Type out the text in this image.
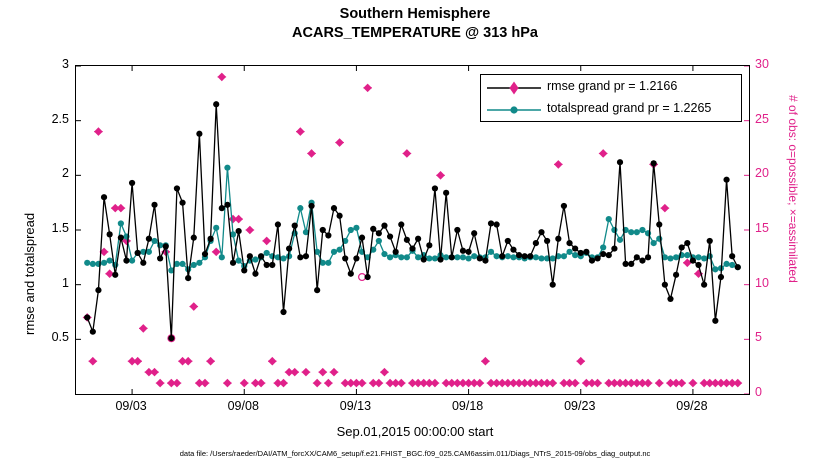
Southern Hemisphere
ACARS_TEMPERATURE @ 313 hPa
rmse and totalspread	# of obs: o=possible; ×=assimilated
0.5
1
1.5
2
2.5
3
0
5
10
15
20
25
30
09/03	09/08	09/13	09/18	09/23	09/28
Sep.01,2015 00:00:00 start
data file: /Users/raeder/DAI/ATM_forcXX/CAM6_setup/f.e21.FHIST_BGC.f09_025.CAM6assim.011/Diags_NTrS_2015-09/obs_diag_output.nc
rmse grand pr = 1.2166
totalspread grand pr = 1.2265
